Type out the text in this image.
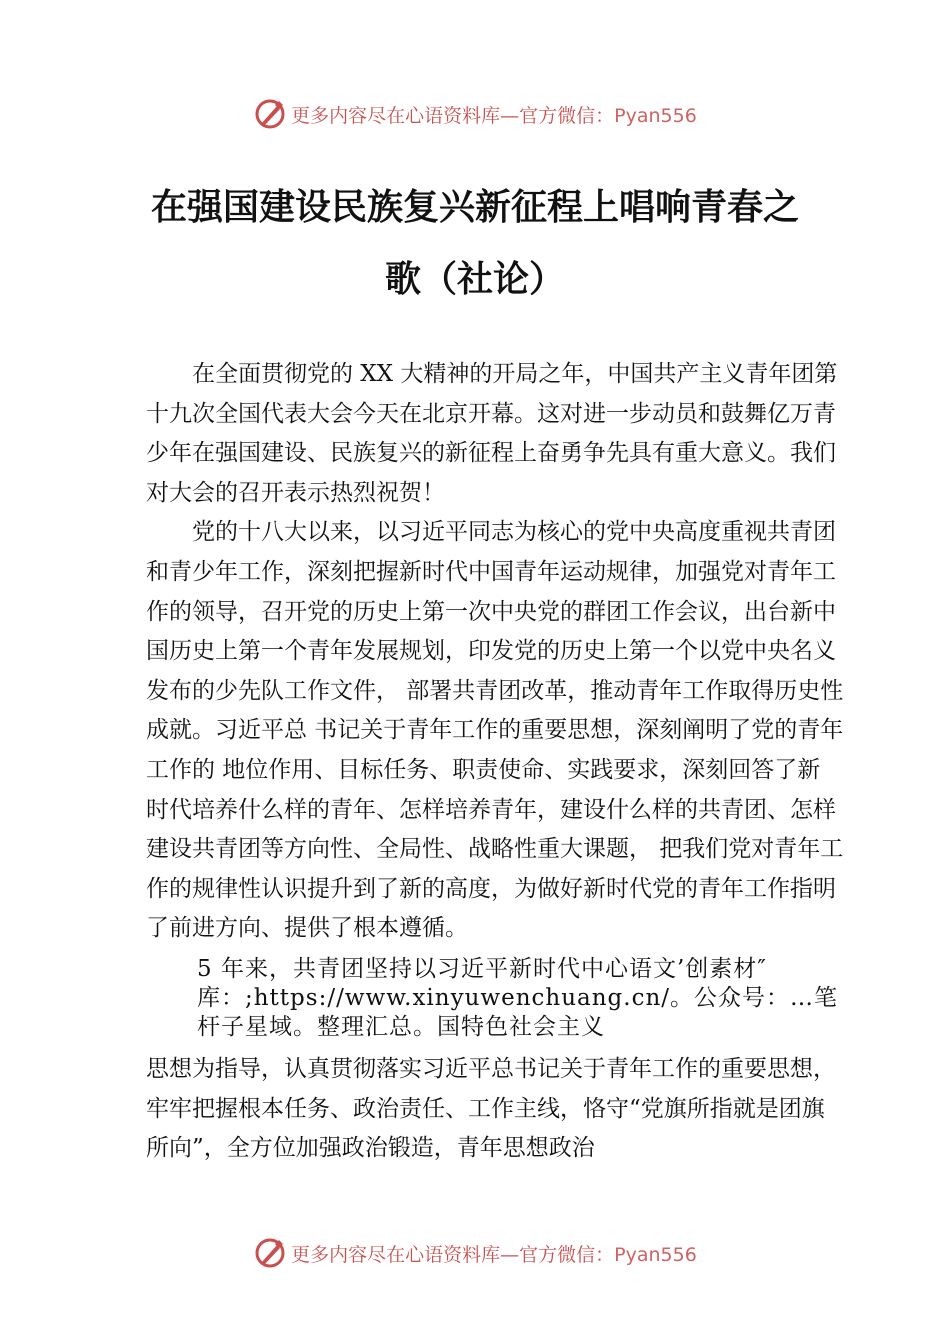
更多内容尽在心语资料库—官方微信：Pyan556
在强国建设民族复兴新征程上唱响青春之
歌（社论）

在全面贯彻党的 XX 大精神的开局之年，中国共产主义青年团第十九次全国代表大会今天在北京开幕。这对进一步动员和鼓舞亿万青少年在强国建设、民族复兴的新征程上奋勇争先具有重大意义。我们对大会的召开表示热烈祝贺！

党的十八大以来，以习近平同志为核心的党中央高度重视共青团和青少年工作，深刻把握新时代中国青年运动规律，加强党对青年工作的领导，召开党的历史上第一次中央党的群团工作会议，出台新中国历史上第一个青年发展规划，印发党的历史上第一个以党中央名义发布的少先队工作文件， 部署共青团改革，推动青年工作取得历史性成就。习近平总 书记关于青年工作的重要思想，深刻阐明了党的青年工作的 地位作用、目标任务、职责使命、实践要求，深刻回答了新 时代培养什么样的青年、怎样培养青年，建设什么样的共青团、怎样建设共青团等方向性、全局性、战略性重大课题， 把我们党对青年工作的规律性认识提升到了新的高度，为做好新时代党的青年工作指明了前进方向、提供了根本遵循。

5 年来，共青团坚持以习近平新时代中心语文’创素材″库：;https://www.xinyuwenchuang.cn/。公众号：…笔杆子星域。整理汇总。国特色社会主义

思想为指导，认真贯彻落实习近平总书记关于青年工作的重要思想，牢牢把握根本任务、政治责任、工作主线，恪守“党旗所指就是团旗所向”，全方位加强政治锻造，青年思想政治

更多内容尽在心语资料库—官方微信：Pyan556
